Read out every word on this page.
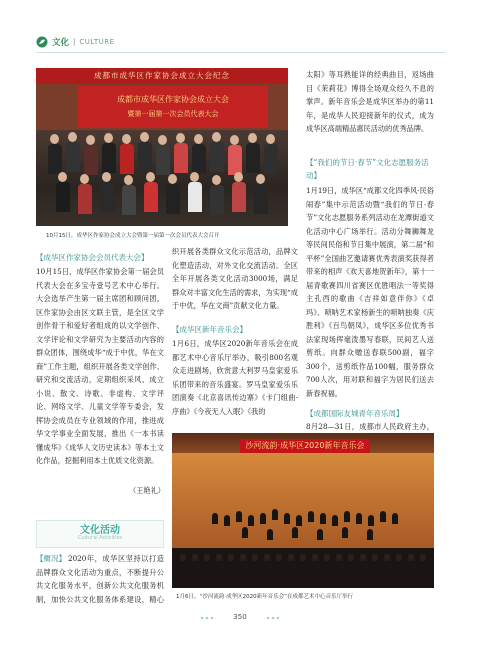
文化 | CULTURE
成都市成华区作家协会成立大会纪念
成都市成华区作家协会成立大会
暨第一届第一次会员代表大会
10月15日，成华区作家协会成立大会暨第一届第一次会员代表大会召开
【成华区作家协会会员代表大会】
10月15日，成华区作家协会第一届会员代表大会在多宝寺壹号艺术中心举行。大会选举产生第一届主席团和顾问团，区作家协会由区文联主管，是全区文学创作骨干和爱好者组成的以文学创作、文学评论和文学研究为主要活动内容的群众团体，围绕成华“成于中优，华在文商”工作主题，组织开展各类文学创作、研究和交流活动，定期组织采风、成立小说、散文、诗歌、非虚构、文学评论、网络文学、儿童文学等专委会，发挥协会成员在专业领域的作用，推进成华文学事业全面发展，推出《一本书读懂成华》《成华人文历史读本》等本土文化作品，挖掘利用本土优质文化资源。
（王艳礼）
文化活动
Cultural Activities
【概况】 2020年，成华区坚持以打造品牌群众文化活动为重点，不断提升公共文化服务水平，创新公共文化服务机制，加快公共文化服务体系建设，精心
织开展各类群众文化示范活动，品牌文化塑造活动，对外文化交流活动。全区全年开展各类文化活动3000场，满足群众对丰富文化生活的需求，为实现“成于中优，华在文商”贡献文化力量。
【成华区新年音乐会】
1月6日，成华区2020新年音乐会在成都艺术中心音乐厅举办，吸引800名观众走进剧场，欣赏意大利罗马皇家爱乐乐团带来的音乐盛宴。罗马皇家爱乐乐团演奏《北京喜讯传边寨》《卡门组曲·序曲》《今夜无人入眠》《我的
太阳》等耳熟能详的经典曲目，返场曲目《茉莉花》博得全场观众经久不息的掌声。新年音乐会是成华区举办的第11年，是成华人民迎接新年的仪式，成为成华区高端精品惠民活动的优秀品牌。
【“我们的节日·春节”文化志愿服务活动】
1月19日，成华区“成都文化四季风·民俗闹春”集中示范活动暨“我们的节日·春节”文化志愿服务系列活动在龙潭街道文化活动中心广场举行。活动分舞狮舞龙等民间民俗和节日集中展演，第二届“和平杯”全国曲艺邀请赛优秀表演奖获得者带来的相声《欢天喜地贺新年》，第十一届青歌赛四川省赛区优胜唱法一等奖得主孔西的歌曲《吉祥如意伴你》《卓玛》、唢呐艺术家杨新生的唢呐独奏《庆胜利》《百鸟朝凤》，成华区多位优秀书法家现场挥毫泼墨写春联，民间艺人送剪纸。向群众赠送春联500副，福字300个，送剪纸作品100幅，服务群众700人次，用对联和福字为居民们送去新春祝福。
【成都国际友城青年音乐周】
8月28—31日，成都市人民政府主办，
沙河流韵·成华区2020新年音乐会
1月6日，“沙河流韵·成华区2020新年音乐会”在成都艺术中心音乐厅举行
350
